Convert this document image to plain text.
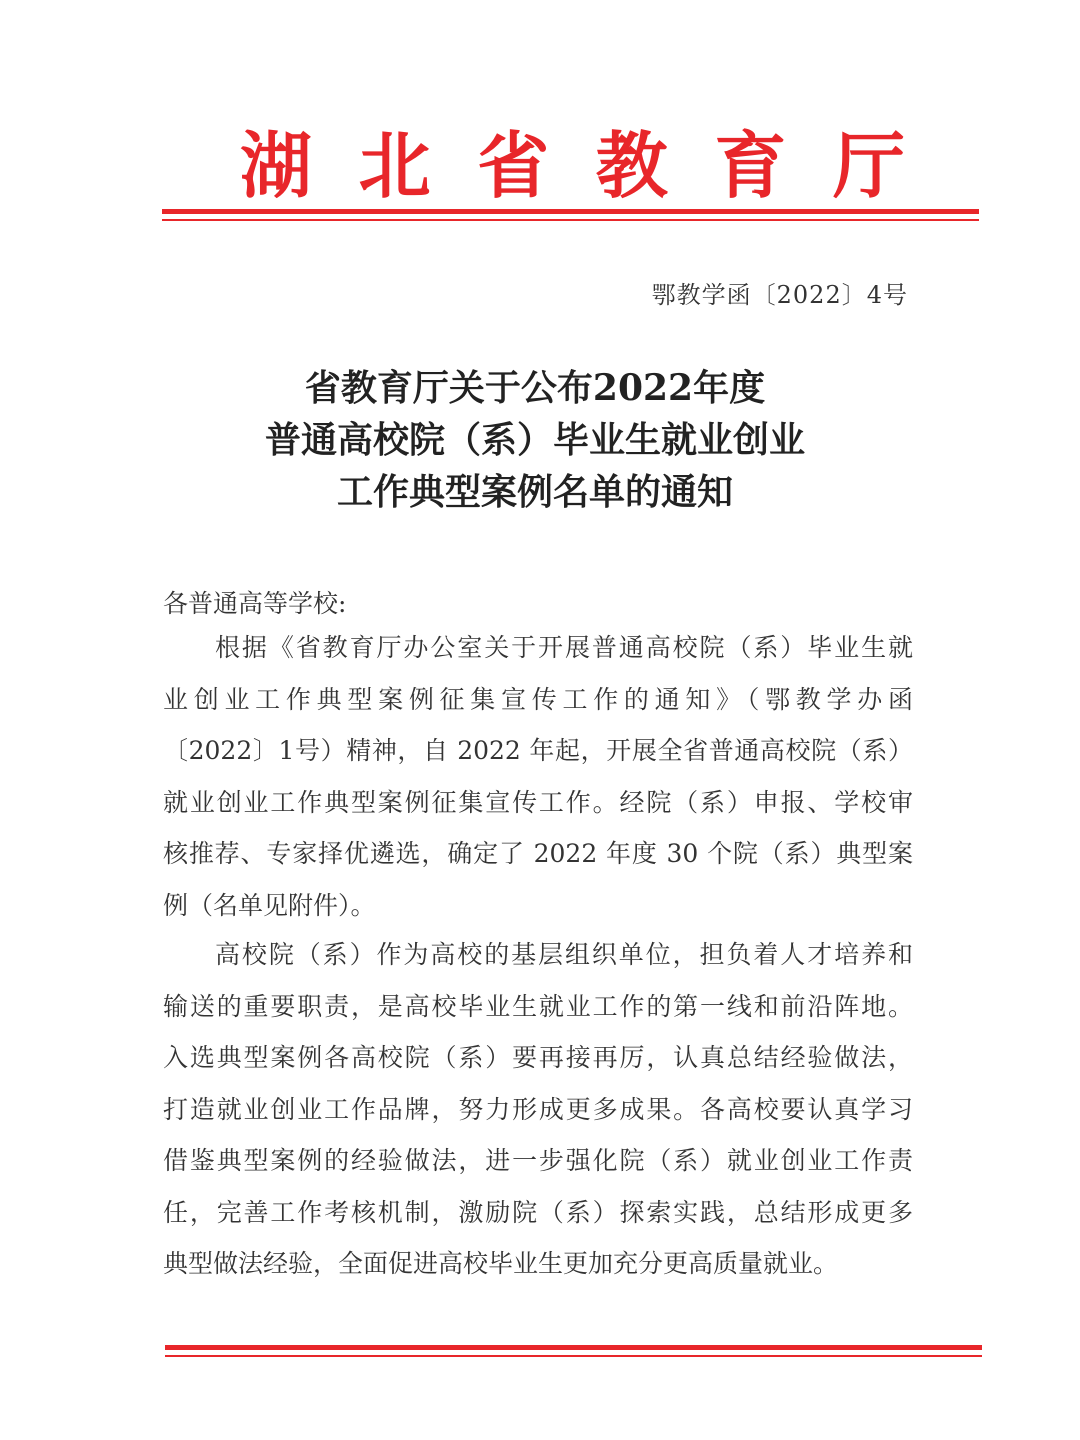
湖 北 省 教 育 厅
鄂教学函〔2022〕4号
省教育厅关于公布2022年度
普通高校院（系）毕业生就业创业
工作典型案例名单的通知
各普通高等学校:
根据《省教育厅办公室关于开展普通高校院（系）毕业生就
业创业工作典型案例征集宣传工作的通知》（鄂教学办函
〔2022〕1号）精神，自 2022 年起，开展全省普通高校院（系）
就业创业工作典型案例征集宣传工作。经院（系）申报、学校审
核推荐、专家择优遴选，确定了 2022 年度 30 个院（系）典型案
例（名单见附件）。
高校院（系）作为高校的基层组织单位，担负着人才培养和
输送的重要职责，是高校毕业生就业工作的第一线和前沿阵地。
入选典型案例各高校院（系）要再接再厉，认真总结经验做法，
打造就业创业工作品牌，努力形成更多成果。各高校要认真学习
借鉴典型案例的经验做法，进一步强化院（系）就业创业工作责
任，完善工作考核机制，激励院（系）探索实践，总结形成更多
典型做法经验，全面促进高校毕业生更加充分更高质量就业。
